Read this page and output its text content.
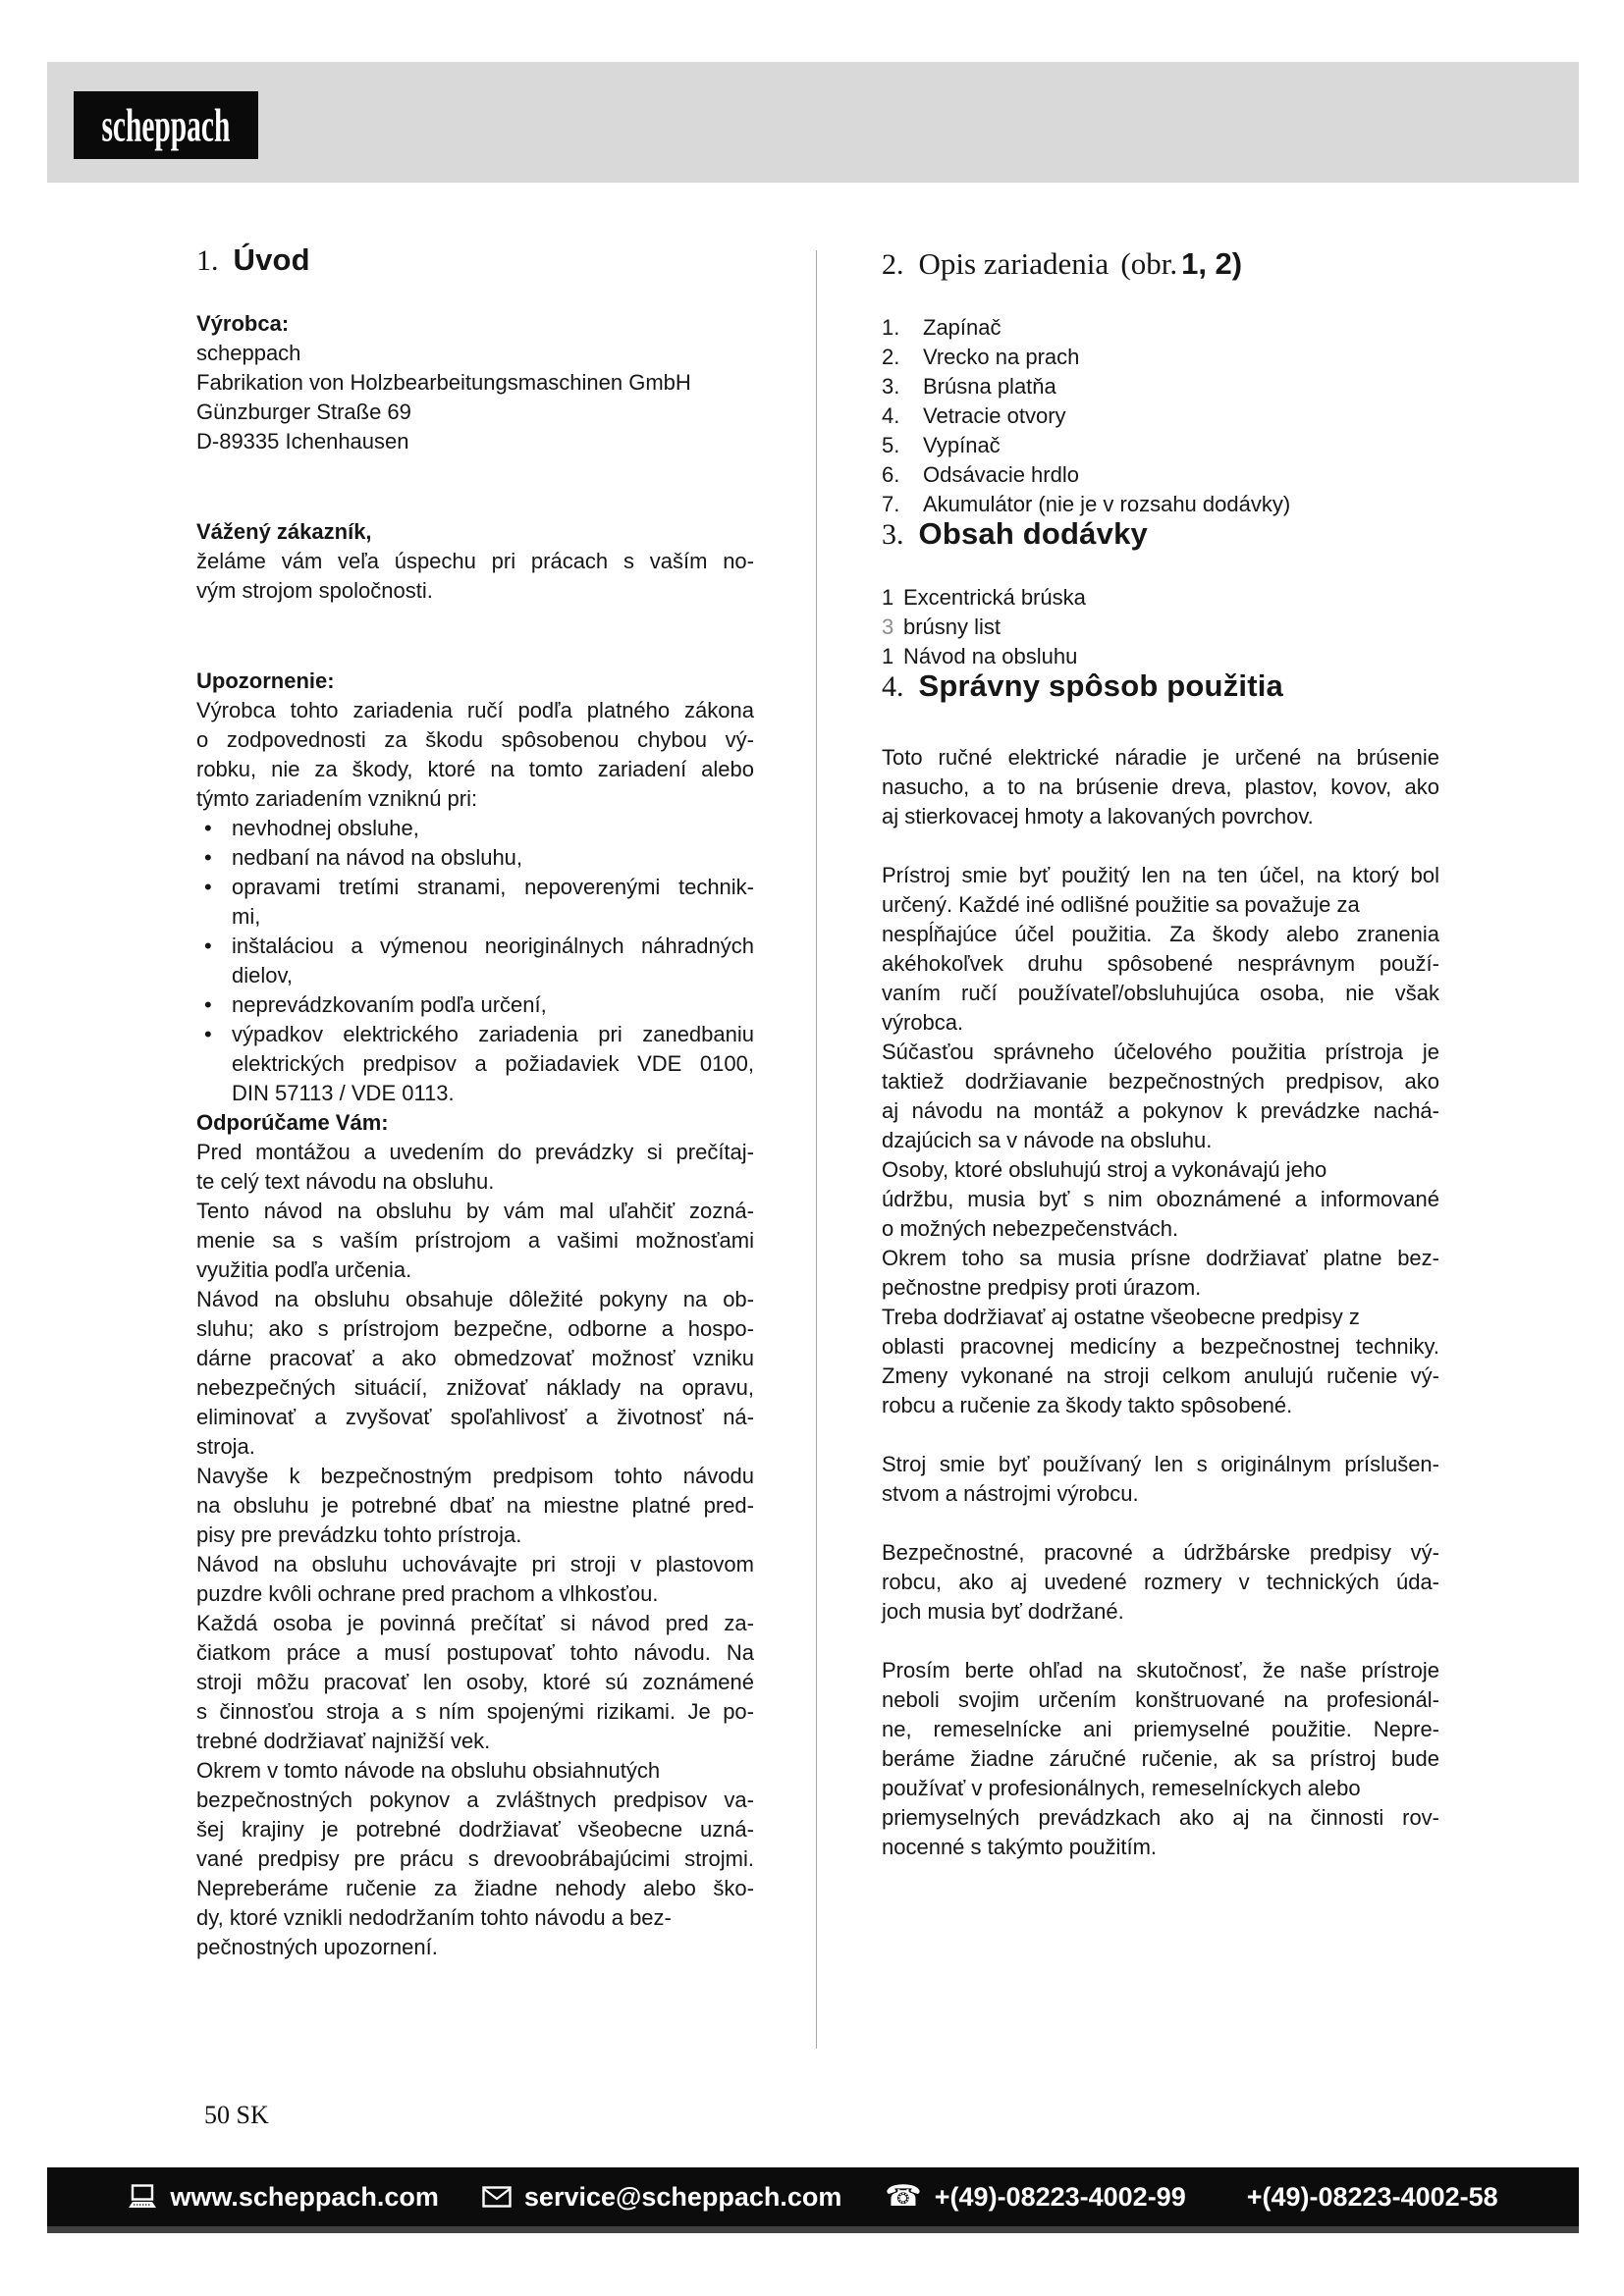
scheppach
1. Úvod
Výrobca:
scheppach
Fabrikation von Holzbearbeitungsmaschinen GmbH
Günzburger Straße 69
D-89335 Ichenhausen
Vážený zákazník,
želáme vám veľa úspechu pri prácach s vaším no-
vým strojom spoločnosti.
Upozornenie:
Výrobca tohto zariadenia ručí podľa platného zákona
o zodpovednosti za škodu spôsobenou chybou vý-
robku, nie za škody, ktoré na tomto zariadení alebo
týmto zariadením vzniknú pri:
• nevhodnej obsluhe,
• nedbaní na návod na obsluhu,
• opravami tretími stranami, nepoverenými technik-
mi,
• inštaláciou a výmenou neoriginálnych náhradných
dielov,
• neprevádzkovaním podľa určení,
• výpadkov elektrického zariadenia pri zanedbaniu
elektrických predpisov a požiadaviek VDE 0100,
DIN 57113 / VDE 0113.
Odporúčame Vám:
Pred montážou a uvedením do prevádzky si prečítaj-
te celý text návodu na obsluhu.
Tento návod na obsluhu by vám mal uľahčiť zozná-
menie sa s vaším prístrojom a vašimi možnosťami
využitia podľa určenia.
Návod na obsluhu obsahuje dôležité pokyny na ob-
sluhu; ako s prístrojom bezpečne, odborne a hospo-
dárne pracovať a ako obmedzovať možnosť vzniku
nebezpečných situácií, znižovať náklady na opravu,
eliminovať a zvyšovať spoľahlivosť a životnosť ná-
stroja.
Navyše k bezpečnostným predpisom tohto návodu
na obsluhu je potrebné dbať na miestne platné pred-
pisy pre prevádzku tohto prístroja.
Návod na obsluhu uchovávajte pri stroji v plastovom
puzdre kvôli ochrane pred prachom a vlhkosťou.
Každá osoba je povinná prečítať si návod pred za-
čiatkom práce a musí postupovať tohto návodu. Na
stroji môžu pracovať len osoby, ktoré sú zoznámené
s činnosťou stroja a s ním spojenými rizikami. Je po-
trebné dodržiavať najnižší vek.
Okrem v tomto návode na obsluhu obsiahnutých
bezpečnostných pokynov a zvláštnych predpisov va-
šej krajiny je potrebné dodržiavať všeobecne uzná-
vané predpisy pre prácu s drevoobrábajúcimi strojmi.
Nepreberáme ručenie za žiadne nehody alebo ško-
dy, ktoré vznikli nedodržaním tohto návodu a bez-
pečnostných upozornení.
2. Opis zariadenia (obr. 1, 2)
1.	Zapínač
2.	Vrecko na prach
3.	Brúsna platňa
4.	Vetracie otvory
5.	Vypínač
6.	Odsávacie hrdlo
7.	Akumulátor (nie je v rozsahu dodávky)
3. Obsah dodávky
1 Excentrická brúska
3 brúsny list
1 Návod na obsluhu
4. Správny spôsob použitia
Toto ručné elektrické náradie je určené na brúsenie
nasucho, a to na brúsenie dreva, plastov, kovov, ako
aj stierkovacej hmoty a lakovaných povrchov.
Prístroj smie byť použitý len na ten účel, na ktorý bol
určený. Každé iné odlišné použitie sa považuje za
nespĺňajúce účel použitia. Za škody alebo zranenia
akéhokoľvek druhu spôsobené nesprávnym použí-
vaním ručí používateľ/obsluhujúca osoba, nie však
výrobca.
Súčasťou správneho účelového použitia prístroja je
taktiež dodržiavanie bezpečnostných predpisov, ako
aj návodu na montáž a pokynov k prevádzke nachá-
dzajúcich sa v návode na obsluhu.
Osoby, ktoré obsluhujú stroj a vykonávajú jeho
údržbu, musia byť s nim oboznámené a informované
o možných nebezpečenstvách.
Okrem toho sa musia prísne dodržiavať platne bez-
pečnostne predpisy proti úrazom.
Treba dodržiavať aj ostatne všeobecne predpisy z
oblasti pracovnej medicíny a bezpečnostnej techniky.
Zmeny vykonané na stroji celkom anulujú ručenie vý-
robcu a ručenie za škody takto spôsobené.
Stroj smie byť používaný len s originálnym príslušen-
stvom a nástrojmi výrobcu.
Bezpečnostné, pracovné a údržbárske predpisy vý-
robcu, ako aj uvedené rozmery v technických úda-
joch musia byť dodržané.
Prosím berte ohľad na skutočnosť, že naše prístroje
neboli svojim určením konštruované na profesionál-
ne, remeselnícke ani priemyselné použitie. Nepre-
beráme žiadne záručné ručenie, ak sa prístroj bude
používať v profesionálnych, remeselníckych alebo
priemyselných prevádzkach ako aj na činnosti rov-
nocenné s takýmto použitím.
50 SK
www.scheppach.com	service@scheppach.com ☎ +(49)-08223-4002-99 +(49)-08223-4002-58
